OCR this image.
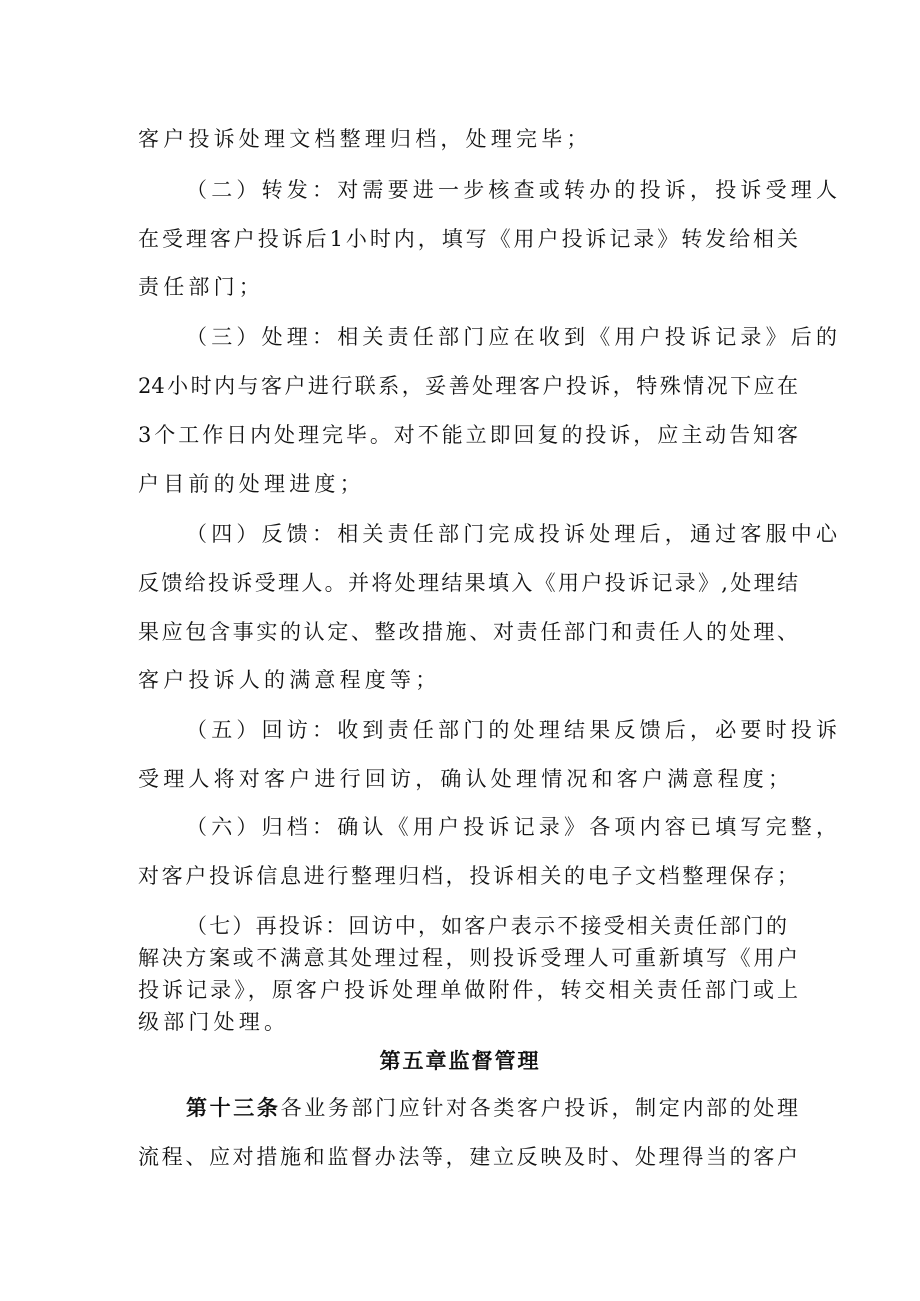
客户投诉处理文档整理归档，处理完毕；
（二）转发：对需要进一步核查或转办的投诉，投诉受理人
在受理客户投诉后1小时内，填写《用户投诉记录》转发给相关
责任部门；
（三）处理：相关责任部门应在收到《用户投诉记录》后的
24小时内与客户进行联系，妥善处理客户投诉，特殊情况下应在
3个工作日内处理完毕。对不能立即回复的投诉，应主动告知客
户目前的处理进度；
（四）反馈：相关责任部门完成投诉处理后，通过客服中心
反馈给投诉受理人。并将处理结果填入《用户投诉记录》,处理结
果应包含事实的认定、整改措施、对责任部门和责任人的处理、
客户投诉人的满意程度等；
（五）回访：收到责任部门的处理结果反馈后，必要时投诉
受理人将对客户进行回访，确认处理情况和客户满意程度；
（六）归档：确认《用户投诉记录》各项内容已填写完整，
对客户投诉信息进行整理归档，投诉相关的电子文档整理保存；
（七）再投诉：回访中，如客户表示不接受相关责任部门的
解决方案或不满意其处理过程，则投诉受理人可重新填写《用户
投诉记录》，原客户投诉处理单做附件，转交相关责任部门或上
级部门处理。
第五章监督管理
第十三条各业务部门应针对各类客户投诉，制定内部的处理
流程、应对措施和监督办法等，建立反映及时、处理得当的客户
